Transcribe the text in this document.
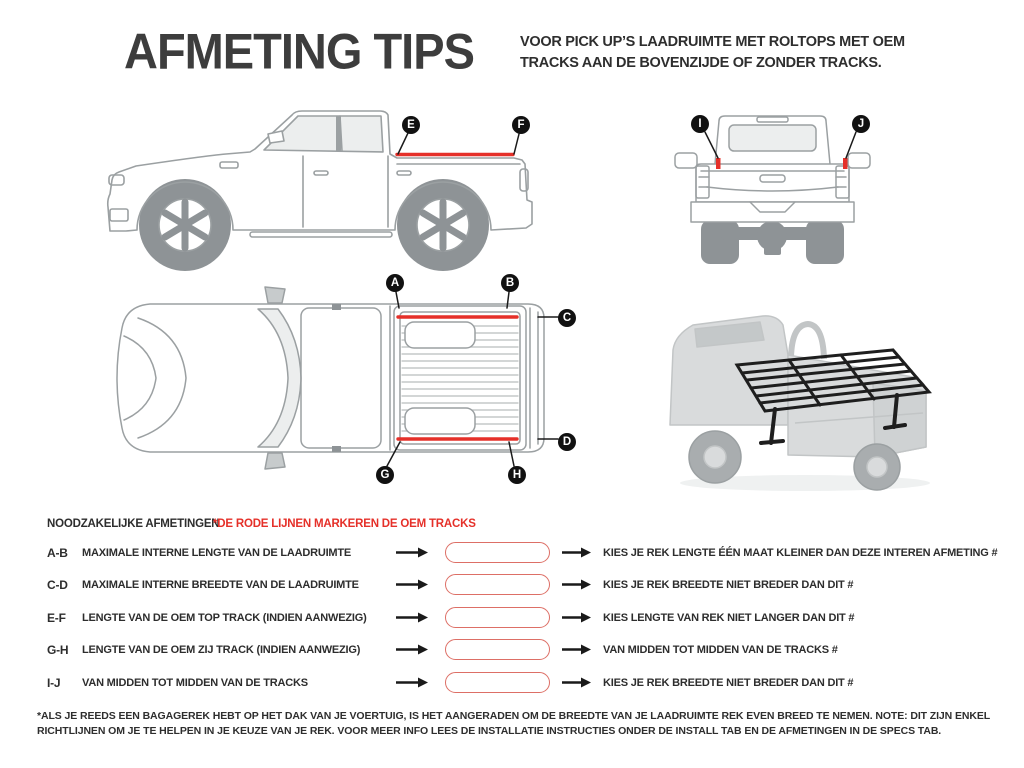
AFMETING TIPS	VOOR PICK UP’S LAADRUIMTE MET ROLTOPS MET OEM TRACKS AAN DE BOVENZIJDE OF ZONDER TRACKS.
E	F	I	J
A	B
C
D
G	H
NOODZAKELIJKE AFMETINGEN
*DE RODE LIJNEN MARKEREN DE OEM TRACKS
A-B MAXIMALE INTERNE LENGTE VAN DE LAADRUIMTE	KIES JE REK LENGTE ÉÉN MAAT KLEINER DAN DEZE INTEREN AFMETING #
C-D MAXIMALE INTERNE BREEDTE VAN DE LAADRUIMTE	KIES JE REK BREEDTE NIET BREDER DAN DIT #
E-F LENGTE VAN DE OEM TOP TRACK (INDIEN AANWEZIG)	KIES LENGTE VAN REK NIET LANGER DAN DIT #
G-H LENGTE VAN DE OEM ZIJ TRACK (INDIEN AANWEZIG)	VAN MIDDEN TOT MIDDEN VAN DE TRACKS #
I-J VAN MIDDEN TOT MIDDEN VAN DE TRACKS	KIES JE REK BREEDTE NIET BREDER DAN DIT #
*ALS JE REEDS EEN BAGAGEREK HEBT OP HET DAK VAN JE VOERTUIG, IS HET AANGERADEN OM DE BREEDTE VAN JE LAADRUIMTE REK EVEN BREED TE NEMEN. NOTE: DIT ZIJN ENKEL RICHTLIJNEN OM JE TE HELPEN IN JE KEUZE VAN JE REK. VOOR MEER INFO LEES DE INSTALLATIE INSTRUCTIES ONDER DE INSTALL TAB EN DE AFMETINGEN IN DE SPECS TAB.
